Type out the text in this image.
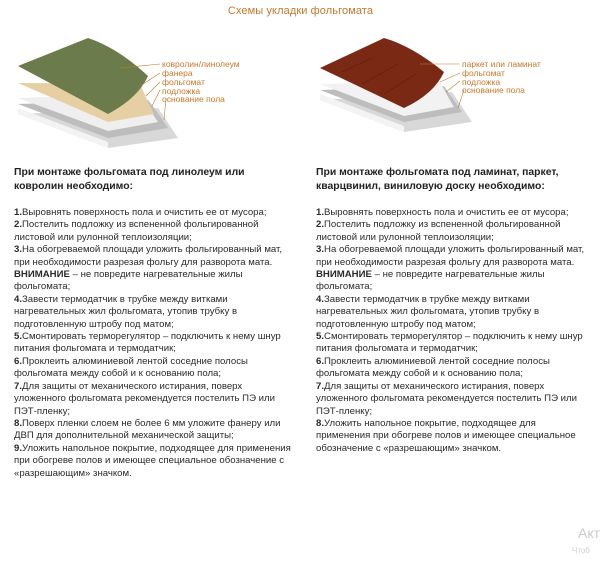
Схемы укладки фольгомата
ковролин/линолеум
фанера
фольгомат
подложка
основание пола
паркет или ламинат
фольгомат
подложка
основание пола
При монтаже фольгомата под линолеум или ковролин необходимо:

1.Выровнять поверхность пола и очистить ее от мусора;

2.Постелить подложку из вспененной фольгированной листовой или рулонной теплоизоляции;

3.На обогреваемой площади уложить фольгированный мат, при необходимости разрезая фольгу для разворота мата.

ВНИМАНИЕ – не повредите нагревательные жилы фольгомата;

4.Завести термодатчик в трубке между витками нагревательных жил фольгомата, утопив трубку в подготовленную штробу под матом;

5.Смонтировать терморегулятор – подключить к нему шнур питания фольгомата и термодатчик;

6.Проклеить алюминиевой лентой соседние полосы фольгомата между собой и к основанию пола;

7.Для защиты от механического истирания, поверх уложенного фольгомата рекомендуется постелить ПЭ или ПЭТ-пленку;

8.Поверх пленки слоем не более 6 мм уложите фанеру или ДВП для дополнительной механической защиты;

9.Уложить напольное покрытие, подходящее для применения при обогреве полов и имеющее специальное обозначение с «разрешающим» значком.

При монтаже фольгомата под ламинат, паркет, кварцвинил, виниловую доску необходимо:

1.Выровнять поверхность пола и очистить ее от мусора;

2.Постелить подложку из вспененной фольгированной листовой или рулонной теплоизоляции;

3.На обогреваемой площади уложить фольгированный мат, при необходимости разрезая фольгу для разворота мата.

ВНИМАНИЕ – не повредите нагревательные жилы фольгомата;

4.Завести термодатчик в трубке между витками нагревательных жил фольгомата, утопив трубку в подготовленную штробу под матом;

5.Смонтировать терморегулятор – подключить к нему шнур питания фольгомата и термодатчик;

6.Проклеить алюминиевой лентой соседние полосы фольгомата между собой и к основанию пола;

7.Для защиты от механического истирания, поверх уложенного фольгомата рекомендуется постелить ПЭ или ПЭТ-пленку;

8.Уложить напольное покрытие, подходящее для применения при обогреве полов и имеющее специальное обозначение с «разрешающим» значком.

Акт
Чтоб
